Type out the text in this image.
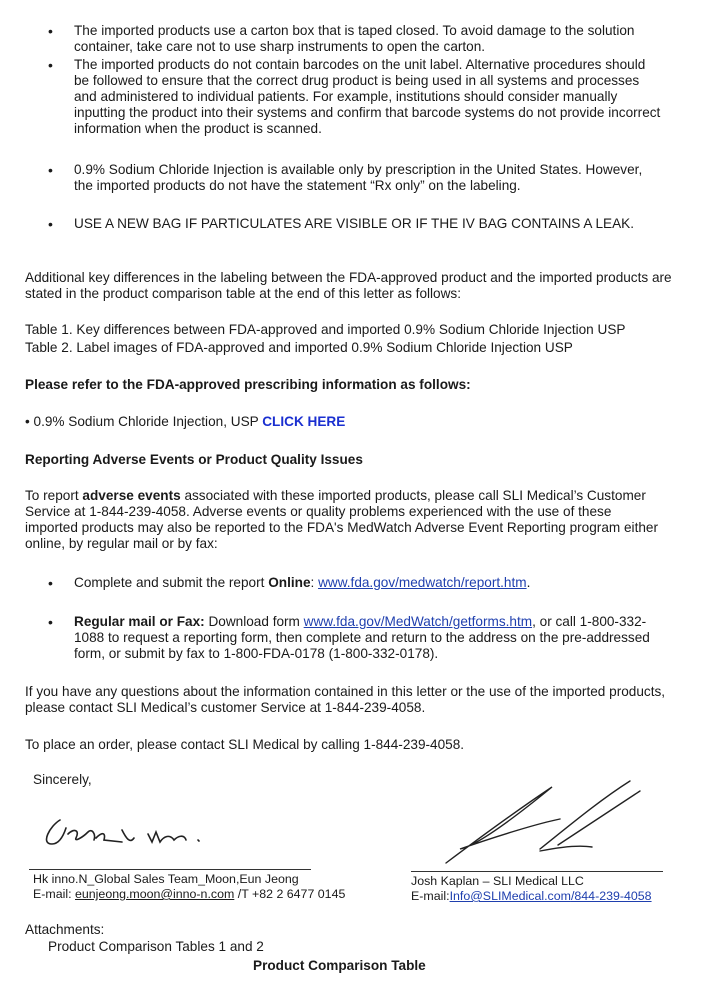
• The imported products use a carton box that is taped closed. To avoid damage to the solution container, take care not to use sharp instruments to open the carton.
• The imported products do not contain barcodes on the unit label. Alternative procedures should be followed to ensure that the correct drug product is being used in all systems and processes and administered to individual patients. For example, institutions should consider manually inputting the product into their systems and confirm that barcode systems do not provide incorrect information when the product is scanned.
• 0.9% Sodium Chloride Injection is available only by prescription in the United States. However, the imported products do not have the statement “Rx only” on the labeling.
• USE A NEW BAG IF PARTICULATES ARE VISIBLE OR IF THE IV BAG CONTAINS A LEAK.
Additional key differences in the labeling between the FDA-approved product and the imported products are stated in the product comparison table at the end of this letter as follows:
Table 1. Key differences between FDA-approved and imported 0.9% Sodium Chloride Injection USP
Table 2. Label images of FDA-approved and imported 0.9% Sodium Chloride Injection USP
Please refer to the FDA-approved prescribing information as follows:
• 0.9% Sodium Chloride Injection, USP CLICK HERE
Reporting Adverse Events or Product Quality Issues
To report adverse events associated with these imported products, please call SLI Medical’s Customer Service at 1-844-239-4058. Adverse events or quality problems experienced with the use of these imported products may also be reported to the FDA's MedWatch Adverse Event Reporting program either online, by regular mail or by fax:
• Complete and submit the report Online: www.fda.gov/medwatch/report.htm.
• Regular mail or Fax: Download form www.fda.gov/MedWatch/getforms.htm, or call 1-800-332-1088 to request a reporting form, then complete and return to the address on the pre-addressed form, or submit by fax to 1-800-FDA-0178 (1-800-332-0178).
If you have any questions about the information contained in this letter or the use of the imported products, please contact SLI Medical’s customer Service at 1-844-239-4058.
To place an order, please contact SLI Medical by calling 1-844-239-4058.
Sincerely,
Hk inno.N_Global Sales Team_Moon,Eun Jeong
E-mail: eunjeong.moon@inno-n.com /T +82 2 6477 0145
Josh Kaplan – SLI Medical LLC
E-mail:Info@SLIMedical.com/844-239-4058
Attachments:
Product Comparison Tables 1 and 2
Product Comparison Table
